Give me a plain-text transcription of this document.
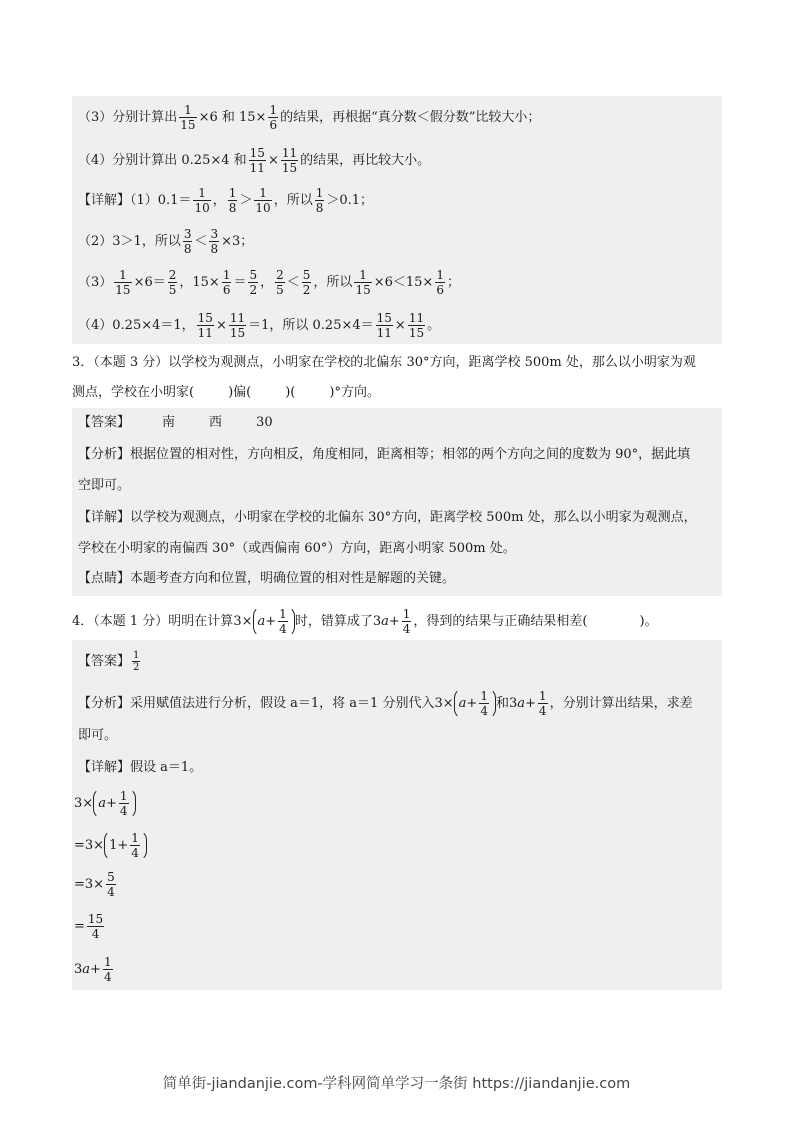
（3）分别计算出 $\frac{1}{15} \times 6$ 和 $15\times \frac{1}{6}$ 的结果，再根据“真分数＜假分数”比较大小；
（4）分别计算出 0.25×4 和 $\frac{15}{11} \times \frac{11}{15}$ 的结果，再比较大小。
【详解】$(1)0.1= \frac{1}{10}$ ， $\frac{1}{8} > \frac{1}{10}$ ，所以 $\frac{1}{8} >0.1$；
（2）3＞1，所以 $\frac{3}{8} < \frac{3}{8} \times 3$；
$(3) \frac{1}{15} \times 6= \frac{2}{5}$ ，$15\times \frac{1}{6} = \frac{5}{2}$ ， $\frac{2}{5} < \frac{5}{2}$ ，所以 $\frac{1}{15} \times 6<15\times \frac{1}{6}$ ；
（4）0.25×4＝1， $\frac{15}{11} \times \frac{11}{15} =1$，所以 $0.25\times 4= \frac{15}{11} \times \frac{11}{15}$ 。
3．（本题 3 分）以学校为观测点，小明家在学校的北偏东 30°方向，距离学校 500m 处，那么以小明家为观
测点，学校在小明家(	)偏(	)(	)°方向。
【答案】 南	西	30
【分析】根据位置的相对性，方向相反，角度相同，距离相等；相邻的两个方向之间的度数为 90°，据此填
空即可。
【详解】以学校为观测点，小明家在学校的北偏东 30°方向，距离学校 500m 处，那么以小明家为观测点，
学校在小明家的南偏西 30°（或西偏南 60°）方向，距离小明家 500m 处。
【点睛】本题考查方向和位置，明确位置的相对性是解题的关键。
4．（本题 1 分）明明在计算$3\times a+ \frac{1}{4}$ 时，错算成了$3a+ \frac{1}{4}$ ，得到的结果与正确结果相差(	)。
【答案】 $\frac{1}{2}$
【分析】采用赋值法进行分析，假设 a＝1，将 a＝1 分别代入$3\times a+ \frac{1}{4}$ 和$3a+ \frac{1}{4}$ ，分别计算出结果，求差
即可。
【详解】假设 a＝1。
$3\times a+ \frac{1}{4}$
$=3\times 1+ \frac{1}{4}$
$=3\times \frac{5}{4}$
= $\frac{15}{4}$
$3a+ \frac{1}{4}$
简单街-jiandanjie.com-学科网简单学习一条街 https://jiandanjie.com
